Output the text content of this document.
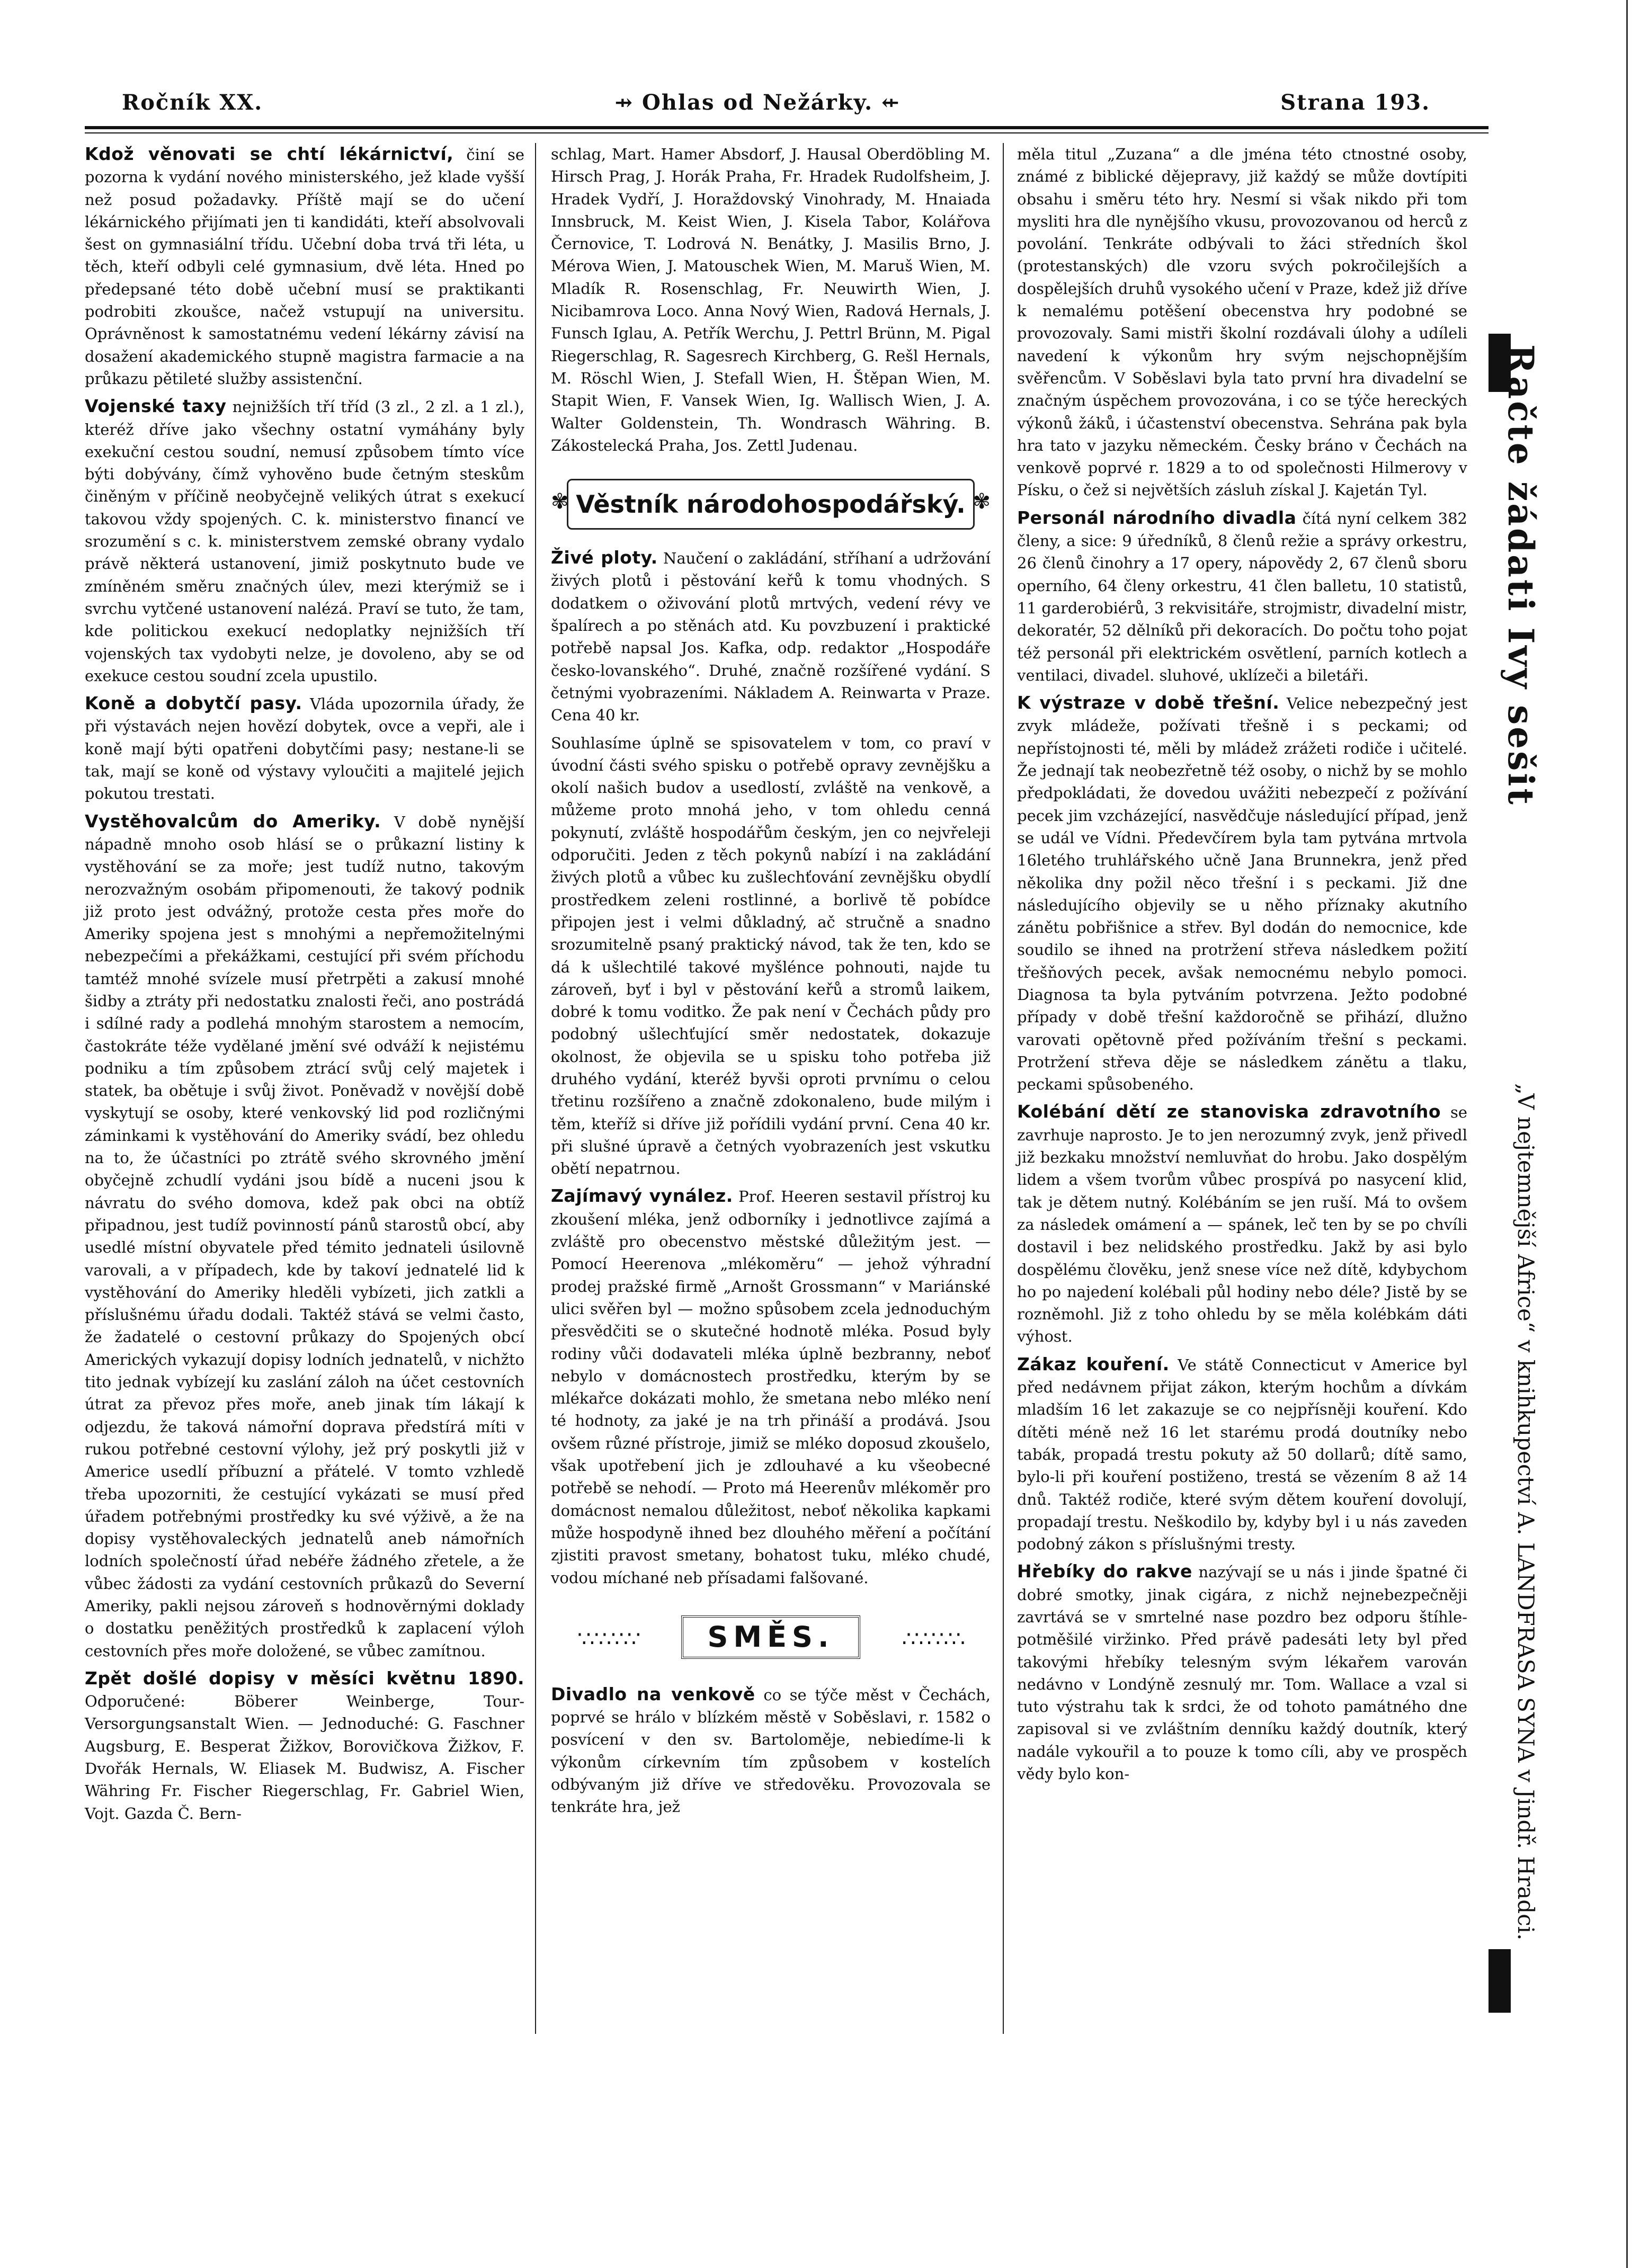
Ročník XX.	⇸ Ohlas od Nežárky. ⇷	Strana 193.

Kdož věnovati se chtí lékárnictví, činí se pozorna k vydání nového ministerského, jež klade vyšší než posud požadavky. Příště mají se do učení lékárnického přijímati jen ti kandidáti, kteří absolvovali šest on gymnasiální třídu. Učební doba trvá tři léta, u těch, kteří odbyli celé gymnasium, dvě léta. Hned po předepsané této době učební musí se praktikanti podrobiti zkoušce, načež vstupují na universitu. Oprávněnost k samostatnému vedení lékárny závisí na dosažení akademického stupně magistra farmacie a na průkazu pětileté služby assistenční.

Vojenské taxy nejnižších tří tříd (3 zl., 2 zl. a 1 zl.), kteréž dříve jako všechny ostatní vymáhány byly exekuční cestou soudní, nemusí způsobem tímto více býti dobývány, čímž vyhověno bude četným steskům činěným v příčině neobyčejně velikých útrat s exekucí takovou vždy spojených. C. k. ministerstvo financí ve srozumění s c. k. ministerstvem zemské obrany vydalo právě některá ustanovení, jimiž poskytnuto bude ve zmíněném směru značných úlev, mezi kterýmiž se i svrchu vytčené ustanovení nalézá. Praví se tuto, že tam, kde politickou exekucí nedoplatky nejnižších tří vojenských tax vydobyti nelze, je dovoleno, aby se od exekuce cestou soudní zcela upustilo.

Koně a dobytčí pasy. Vláda upozornila úřady, že při výstavách nejen hovězí dobytek, ovce a vepři, ale i koně mají býti opatřeni dobytčími pasy; nestane-li se tak, mají se koně od výstavy vyloučiti a majitelé jejich pokutou trestati.

Vystěhovalcům do Ameriky. V době nynější nápadně mnoho osob hlásí se o průkazní listiny k vystěhování se za moře; jest tudíž nutno, takovým nerozvažným osobám připomenouti, že takový podnik již proto jest odvážný, protože cesta přes moře do Ameriky spojena jest s mnohými a nepřemožitelnými nebezpečími a překážkami, cestující při svém příchodu tamtéž mnohé svízele musí přetrpěti a zakusí mnohé šidby a ztráty při nedostatku znalosti řeči, ano postrádá i sdílné rady a podlehá mnohým starostem a nemocím, častokráte téže vydělané jmění své odváží k nejistému podniku a tím způsobem ztrácí svůj celý majetek i statek, ba obětuje i svůj život. Poněvadž v novější době vyskytují se osoby, které venkovský lid pod rozličnými záminkami k vystěhování do Ameriky svádí, bez ohledu na to, že účastníci po ztrátě svého skrovného jmění obyčejně zchudlí vydáni jsou bídě a nuceni jsou k návratu do svého domova, kdež pak obci na obtíž připadnou, jest tudíž povinností pánů starostů obcí, aby usedlé místní obyvatele před témito jednateli úsilovně varovali, a v případech, kde by takoví jednatelé lid k vystěhování do Ameriky hleděli vybízeti, jich zatkli a příslušnému úřadu dodali. Taktéž stává se velmi často, že žadatelé o cestovní průkazy do Spojených obcí Amerických vykazují dopisy lodních jednatelů, v nichžto tito jednak vybízejí ku zaslání záloh na účet cestovních útrat za převoz přes moře, aneb jinak tím lákají k odjezdu, že taková námořní doprava předstírá míti v rukou potřebné cestovní výlohy, jež prý poskytli již v Americe usedlí příbuzní a přátelé. V tomto vzhledě třeba upozorniti, že cestující vykázati se musí před úřadem potřebnými prostředky ku své výživě, a že na dopisy vystěhovaleckých jednatelů aneb námořních lodních společností úřad nebéře žádného zřetele, a že vůbec žádosti za vydání cestovních průkazů do Severní Ameriky, pakli nejsou zároveň s hodnověrnými doklady o dostatku peněžitých prostředků k zaplacení výloh cestovních přes moře doložené, se vůbec zamítnou.

Zpět došlé dopisy v měsíci květnu 1890. Odporučené: Böberer Weinberge, Tour-Versorgungsanstalt Wien. — Jednoduché: G. Faschner Augsburg, E. Besperat Žižkov, Borovičkova Žižkov, F. Dvořák Hernals, W. Eliasek M. Budwisz, A. Fischer Währing Fr. Fischer Riegerschlag, Fr. Gabriel Wien, Vojt. Gazda Č. Bern-

schlag, Mart. Hamer Absdorf, J. Hausal Oberdöbling M. Hirsch Prag, J. Horák Praha, Fr. Hradek Rudolfsheim, J. Hradek Vydří, J. Horaždovský Vinohrady, M. Hnaiada Innsbruck, M. Keist Wien, J. Kisela Tabor, Kolářova Černovice, T. Lodrová N. Benátky, J. Masilis Brno, J. Mérova Wien, J. Matouschek Wien, M. Maruš Wien, M. Mladík R. Rosenschlag, Fr. Neuwirth Wien, J. Nicibamrova Loco. Anna Nový Wien, Radová Hernals, J. Funsch Iglau, A. Petřík Werchu, J. Pettrl Brünn, M. Pigal Riegerschlag, R. Sagesrech Kirchberg, G. Rešl Hernals, M. Röschl Wien, J. Stefall Wien, H. Štěpan Wien, M. Stapit Wien, F. Vansek Wien, Ig. Wallisch Wien, J. A. Walter Goldenstein, Th. Wondrasch Währing. B. Zákostelecká Praha, Jos. Zettl Judenau.

✾ Věstník národohospodářský. ✾

Živé ploty. Naučení o zakládání, stříhaní a udržování živých plotů i pěstování keřů k tomu vhodných. S dodatkem o oživování plotů mrtvých, vedení révy ve špalírech a po stěnách atd. Ku povzbuzení i praktické potřebě napsal Jos. Kafka, odp. redaktor „Hospodáře česko-lovanského“. Druhé, značně rozšířené vydání. S četnými vyobrazeními. Nákladem A. Reinwarta v Praze. Cena 40 kr.

Souhlasíme úplně se spisovatelem v tom, co praví v úvodní části svého spisku o potřebě opravy zevnějšku a okolí našich budov a usedlostí, zvláště na venkově, a můžeme proto mnohá jeho, v tom ohledu cenná pokynutí, zvláště hospodářům českým, jen co nejvřeleji odporučiti. Jeden z těch pokynů nabízí i na zakládání živých plotů a vůbec ku zušlechťování zevnějšku obydlí prostředkem zeleni rostlinné, a borlivě tě pobídce připojen jest i velmi důkladný, ač stručně a snadno srozumitelně psaný praktický návod, tak že ten, kdo se dá k ušlechtilé takové myšlénce pohnouti, najde tu zároveň, byť i byl v pěstování keřů a stromů laikem, dobré k tomu voditko. Že pak není v Čechách půdy pro podobný ušlechťující směr nedostatek, dokazuje okolnost, že objevila se u spisku toho potřeba již druhého vydání, kteréž byvši oproti prvnímu o celou třetinu rozšířeno a značně zdokonaleno, bude milým i těm, kteříž si dříve již pořídili vydání první. Cena 40 kr. při slušné úpravě a četných vyobrazeních jest vskutku obětí nepatrnou.

Zajímavý vynález. Prof. Heeren sestavil přístroj ku zkoušení mléka, jenž odborníky i jednotlivce zajímá a zvláště pro obecenstvo městské důležitým jest. — Pomocí Heerenova „mlékoměru“ — jehož výhradní prodej pražské firmě „Arnošt Grossmann“ v Mariánské ulici svěřen byl — možno spůsobem zcela jednoduchým přesvědčiti se o skutečné hodnotě mléka. Posud byly rodiny vůči dodavateli mléka úplně bezbranny, neboť nebylo v domácnostech prostředku, kterým by se mlékařce dokázati mohlo, že smetana nebo mléko není té hodnoty, za jaké je na trh přináší a prodává. Jsou ovšem různé přístroje, jimiž se mléko doposud zkoušelo, však upotřebení jich je zdlouhavé a ku všeobecné potřebě se nehodí. — Proto má Heerenův mlékoměr pro domácnost nemalou důležitost, neboť několika kapkami může hospodyně ihned bez dlouhého měření a počítání zjistiti pravost smetany, bohatost tuku, mléko chudé, vodou míchané neb přísadami falšované.

∵∴∵∴∵ SMĚS.	∴∵∴∵∴

Divadlo na venkově co se týče měst v Čechách, poprvé se hrálo v blízkém městě v Soběslavi, r. 1582 o posvícení v den sv. Bartoloměje, nebiedíme-li k výkonům církevním tím způsobem v kostelích odbývaným již dříve ve středověku. Provozovala se tenkráte hra, jež

měla titul „Zuzana“ a dle jména této ctnostné osoby, známé z biblické dějepravy, již každý se může dovtípiti obsahu i směru této hry. Nesmí si však nikdo při tom mysliti hra dle nynějšího vkusu, provozovanou od herců z povolání. Tenkráte odbývali to žáci středních škol (protestanských) dle vzoru svých pokročilejších a dospělejších druhů vysokého učení v Praze, kdež již dříve k nemalému potěšení obecenstva hry podobné se provozovaly. Sami mistři školní rozdávali úlohy a udíleli navedení k výkonům hry svým nejschopnějším svěřencům. V Soběslavi byla tato první hra divadelní se značným úspěchem provozována, i co se týče hereckých výkonů žáků, i účastenství obecenstva. Sehrána pak byla hra tato v jazyku německém. Česky bráno v Čechách na venkově poprvé r. 1829 a to od společnosti Hilmerovy v Písku, o čež si největších zásluh získal J. Kajetán Tyl.

Personál národního divadla čítá nyní celkem 382 členy, a sice: 9 úředníků, 8 členů režie a správy orkestru, 26 členů činohry a 17 opery, nápovědy 2, 67 členů sboru operního, 64 členy orkestru, 41 člen balletu, 10 statistů, 11 garderobiérů, 3 rekvisitáře, strojmistr, divadelní mistr, dekoratér, 52 dělníků při dekoracích. Do počtu toho pojat též personál při elektrickém osvětlení, parních kotlech a ventilaci, divadel. sluhové, uklízeči a biletáři.

K výstraze v době třešní. Velice nebezpečný jest zvyk mládeže, požívati třešně i s peckami; od nepřístojnosti té, měli by mládež zrážeti rodiče i učitelé. Že jednají tak neobezřetně též osoby, o nichž by se mohlo předpokládati, že dovedou uvážiti nebezpečí z požívání pecek jim vzcházející, nasvědčuje následující případ, jenž se udál ve Vídni. Předevčírem byla tam pytvána mrtvola 16letého truhlářského učně Jana Brunnekra, jenž před několika dny požil něco třešní i s peckami. Již dne následujícího objevily se u něho příznaky akutního zánětu pobřišnice a střev. Byl dodán do nemocnice, kde soudilo se ihned na protržení střeva následkem požití třešňových pecek, avšak nemocnému nebylo pomoci. Diagnosa ta byla pytváním potvrzena. Ježto podobné případy v době třešní každoročně se přihází, dlužno varovati opětovně před požíváním třešní s peckami. Protržení střeva děje se následkem zánětu a tlaku, peckami spůsobeného.

Kolébání dětí ze stanoviska zdravotního se zavrhuje naprosto. Je to jen nerozumný zvyk, jenž přivedl již bezkaku množství nemluvňat do hrobu. Jako dospělým lidem a všem tvorům vůbec prospívá po nasycení klid, tak je dětem nutný. Kolébáním se jen ruší. Má to ovšem za následek omámení a — spánek, leč ten by se po chvíli dostavil i bez nelidského prostředku. Jakž by asi bylo dospělému člověku, jenž snese více než dítě, kdybychom ho po najedení kolébali půl hodiny nebo déle? Jistě by se rozněmohl. Již z toho ohledu by se měla kolébkám dáti výhost.

Zákaz kouření. Ve státě Connecticut v Americe byl před nedávnem přijat zákon, kterým hochům a dívkám mladším 16 let zakazuje se co nejpřísněji kouření. Kdo dítěti méně než 16 let starému prodá doutníky nebo tabák, propadá trestu pokuty až 50 dollarů; dítě samo, bylo-li při kouření postiženo, trestá se vězením 8 až 14 dnů. Taktéž rodiče, které svým dětem kouření dovolují, propadají trestu. Neškodilo by, kdyby byl i u nás zaveden podobný zákon s příslušnými tresty.

Hřebíky do rakve nazývají se u nás i jinde špatné či dobré smotky, jinak cigára, z nichž nejnebezpečněji zavrtává se v smrtelné nase pozdro bez odporu štíhle-potměšilé viržinko. Před právě padesáti lety byl před takovými hřebíky telesným svým lékařem varován nedávno v Londýně zesnulý mr. Tom. Wallace a vzal si tuto výstrahu tak k srdci, že od tohoto památného dne zapisoval si ve zvláštním denníku každý doutník, který nadále vykouřil a to pouze k tomo cíli, aby ve prospěch vědy bylo kon-

Račte žádati Ivy sešit
„V nejtemnější Africe“ v knihkupectví A. LANDFRASA SYNA v Jindř. Hradci.
